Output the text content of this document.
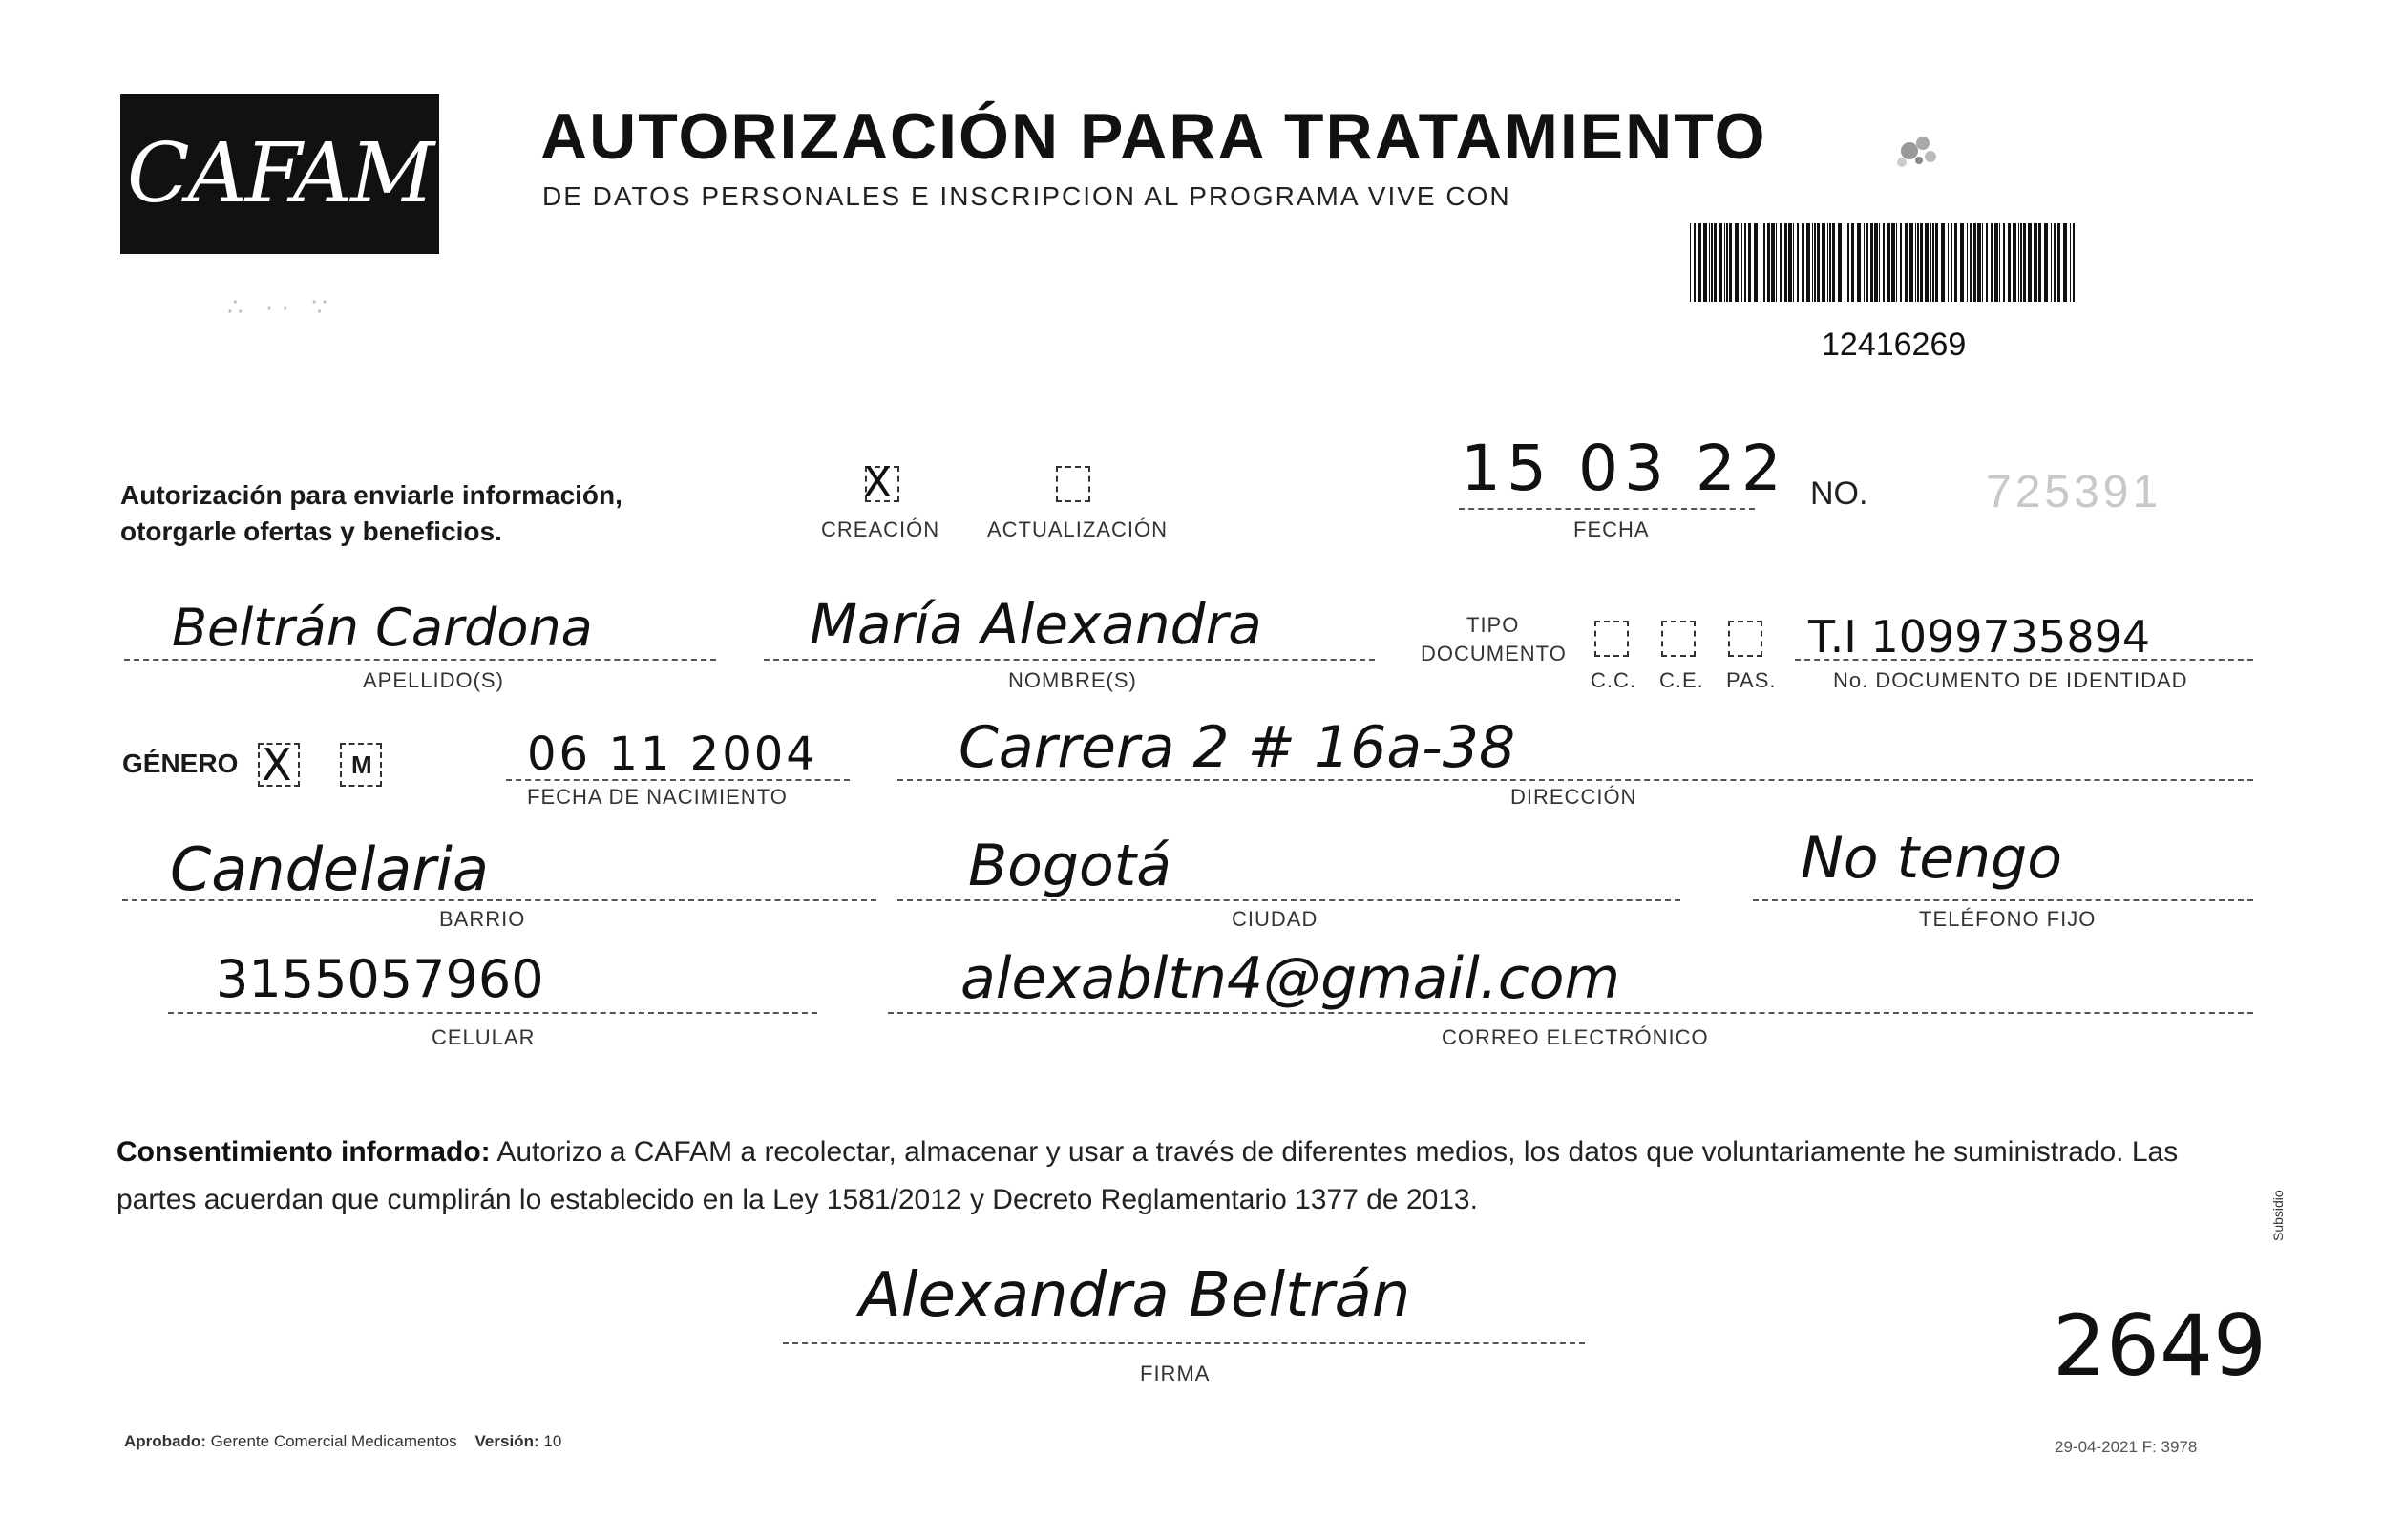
CAFAM AUTORIZACIÓN PARA TRATAMIENTO
DE DATOS PERSONALES E INSCRIPCION AL PROGRAMA VIVE CON
12416269
∴ ·· ∵
Autorización para enviarle información,
otorgarle ofertas y beneficios.
X
CREACIÓN ACTUALIZACIÓN
15 03 22
FECHA
NO.	725391
Beltrán Cardona
APELLIDO(S)
María Alexandra
NOMBRE(S)
TIPO
DOCUMENTO
C.C. C.E. PAS.
T.I 1099735894
No. DOCUMENTO DE IDENTIDAD
GÉNERO X M	06 11 2004
FECHA DE NACIMIENTO
Carrera 2 # 16a-38
DIRECCIÓN
Candelaria
BARRIO
Bogotá
CIUDAD
No tengo
TELÉFONO FIJO
3155057960
CELULAR
alexabltn4@gmail.com
CORREO ELECTRÓNICO
Consentimiento informado: Autorizo a CAFAM a recolectar, almacenar y usar a través de diferentes medios, los datos que voluntariamente he suministrado. Las partes acuerdan que cumplirán lo establecido en la Ley 1581/2012 y Decreto Reglamentario 1377 de 2013.
Alexandra Beltrán
FIRMA	2649
Aprobado: Gerente Comercial Medicamentos Versión: 10	29-04-2021 F: 3978
Subsidio
